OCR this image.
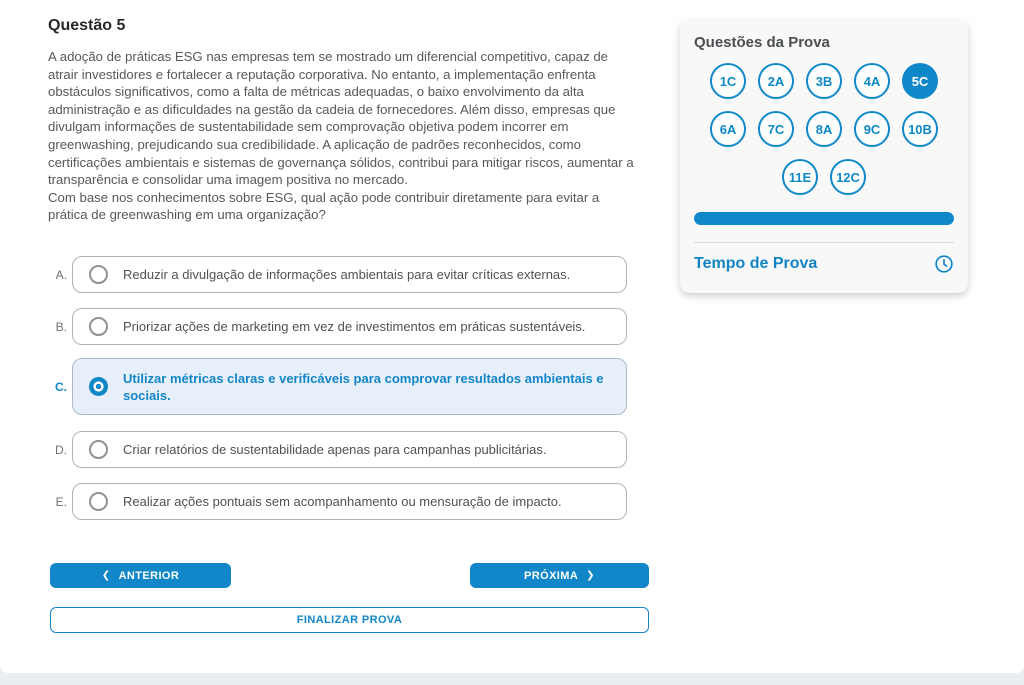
Questão 5

A adoção de práticas ESG nas empresas tem se mostrado um diferencial competitivo, capaz de atrair investidores e fortalecer a reputação corporativa. No entanto, a implementação enfrenta obstáculos significativos, como a falta de métricas adequadas, o baixo envolvimento da alta administração e as dificuldades na gestão da cadeia de fornecedores. Além disso, empresas que divulgam informações de sustentabilidade sem comprovação objetiva podem incorrer em greenwashing, prejudicando sua credibilidade. A aplicação de padrões reconhecidos, como certificações ambientais e sistemas de governança sólidos, contribui para mitigar riscos, aumentar a transparência e consolidar uma imagem positiva no mercado.

Com base nos conhecimentos sobre ESG, qual ação pode contribuir diretamente para evitar a prática de greenwashing em uma organização?

A.	Reduzir a divulgação de informações ambientais para evitar críticas externas.
B.	Priorizar ações de marketing em vez de investimentos em práticas sustentáveis.
C.
Utilizar métricas claras e verificáveis para comprovar resultados ambientais e sociais.
D.	Criar relatórios de sustentabilidade apenas para campanhas publicitárias.
E.	Realizar ações pontuais sem acompanhamento ou mensuração de impacto.
❮ ANTERIOR	PRÓXIMA ❯
FINALIZAR PROVA
Questões da Prova
1C	2A	3B	4A	5C
6A	7C	8A	9C	10B
11E	12C
Tempo de Prova
